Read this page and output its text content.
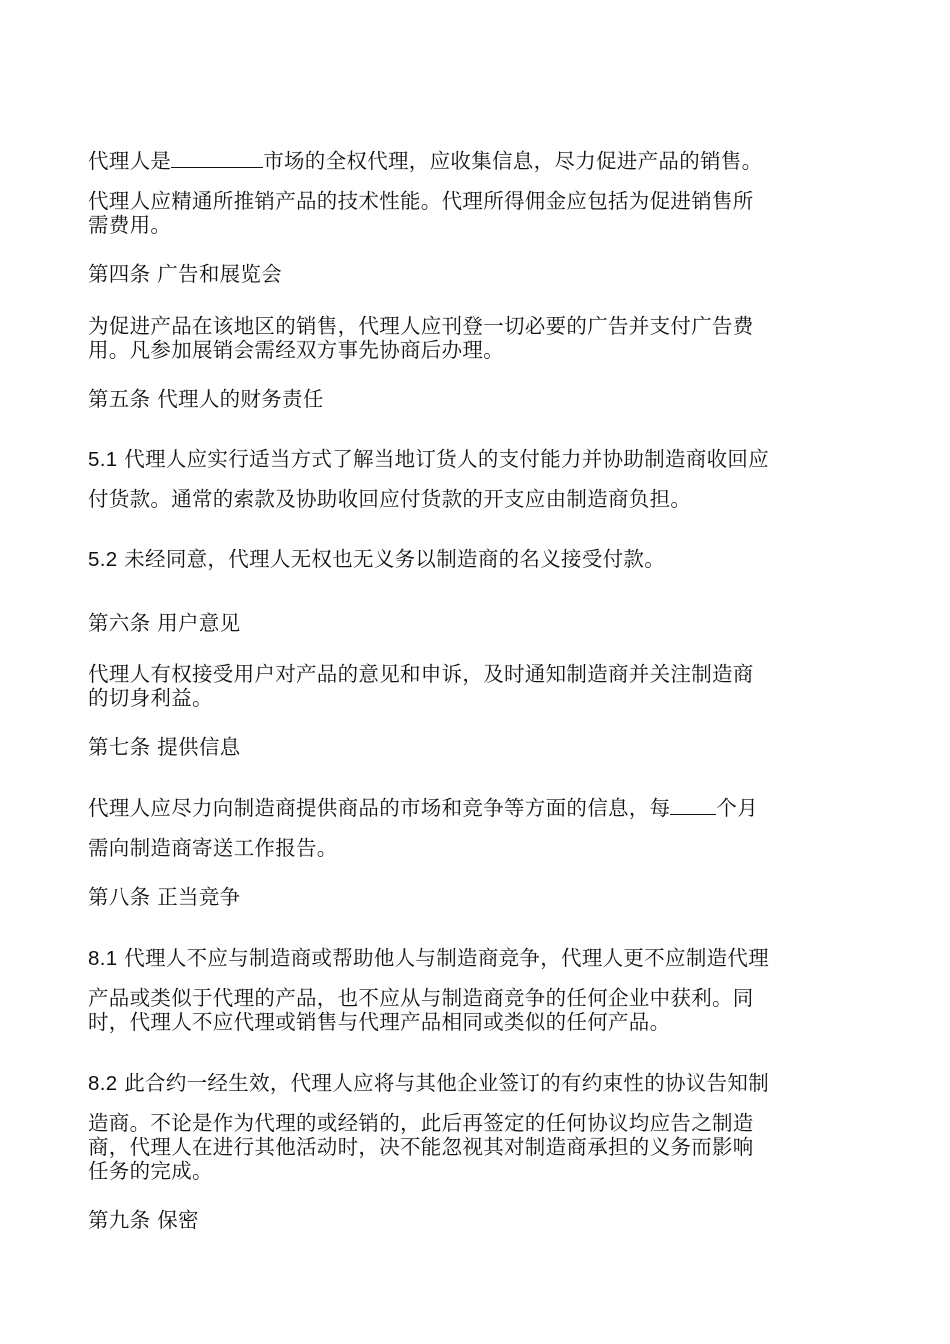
代理人是	市场的全权代理，应收集信息，尽力促进产品的销售。
代理人应精通所推销产品的技术性能。代理所得佣金应包括为促进销售所
需费用。
第四条 广告和展览会
为促进产品在该地区的销售，代理人应刊登一切必要的广告并支付广告费
用。凡参加展销会需经双方事先协商后办理。
第五条 代理人的财务责任
5.1 代理人应实行适当方式了解当地订货人的支付能力并协助制造商收回应
付货款。通常的索款及协助收回应付货款的开支应由制造商负担。
5.2 未经同意，代理人无权也无义务以制造商的名义接受付款。
第六条 用户意见
代理人有权接受用户对产品的意见和申诉，及时通知制造商并关注制造商
的切身利益。
第七条 提供信息
代理人应尽力向制造商提供商品的市场和竞争等方面的信息，每 个月
需向制造商寄送工作报告。
第八条 正当竞争
8.1 代理人不应与制造商或帮助他人与制造商竞争，代理人更不应制造代理
产品或类似于代理的产品，也不应从与制造商竞争的任何企业中获利。同
时，代理人不应代理或销售与代理产品相同或类似的任何产品。
8.2 此合约一经生效，代理人应将与其他企业签订的有约束性的协议告知制
造商。不论是作为代理的或经销的，此后再签定的任何协议均应告之制造
商，代理人在进行其他活动时，决不能忽视其对制造商承担的义务而影响
任务的完成。
第九条 保密
